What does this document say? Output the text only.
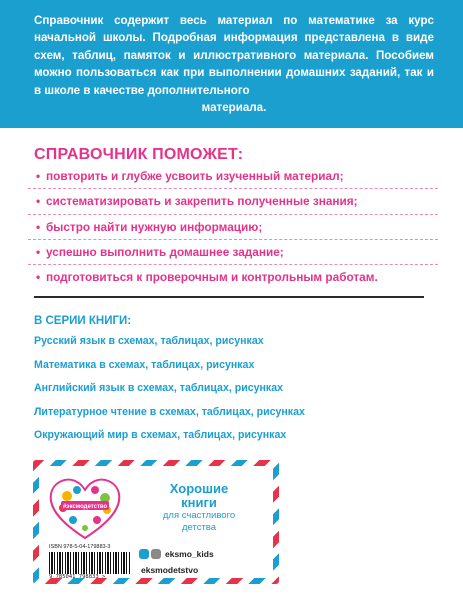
Справочник содержит весь материал по математике за курс начальной школы. Подробная информация представлена в виде схем, таблиц, памяток и иллюстративного материала. Пособием можно пользоваться как при выполнении домашних заданий, так и в школе в качестве дополнительного

материала.

СПРАВОЧНИК ПОМОЖЕТ:
• повторить и глубже усвоить изученный материал;
• систематизировать и закрепить полученные знания;
• быстро найти нужную информацию;
• успешно выполнить домашнее задание;
• подготовиться к проверочным и контрольным работам.
В СЕРИИ КНИГИ:
Русский язык в схемах, таблицах, рисунках
Математика в схемах, таблицах, рисунках
Английский язык в схемах, таблицах, рисунках
Литературное чтение в схемах, таблицах, рисунках
Окружающий мир в схемах, таблицах, рисунках
#эксмодетство
Хорошие
книги
для счастливого
детства
ISBN 978-5-04-179883-3
9 785041 798833 >
eksmo_kids
eksmodetstvo
